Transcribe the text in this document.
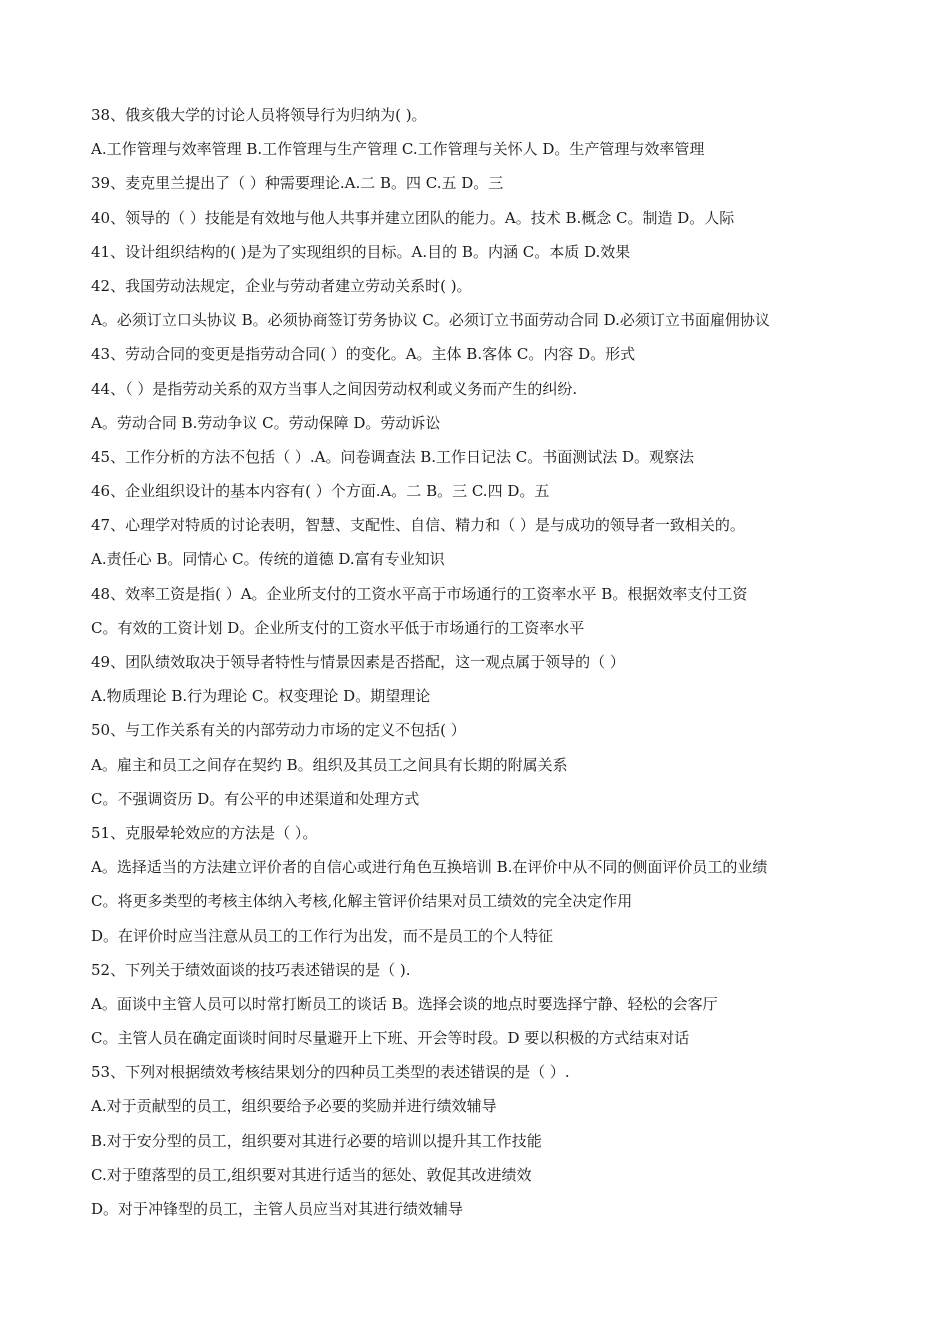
38、俄亥俄大学的讨论人员将领导行为归纳为( )。
A.工作管理与效率管理 B.工作管理与生产管理 C.工作管理与关怀人 D。生产管理与效率管理
39、麦克里兰提出了（ ）种需要理论.A.二 B。四 C.五 D。三
40、领导的（ ）技能是有效地与他人共事并建立团队的能力。A。技术 B.概念 C。制造 D。人际
41、设计组织结构的( )是为了实现组织的目标。A.目的 B。内涵 C。本质 D.效果
42、我国劳动法规定，企业与劳动者建立劳动关系时( )。
A。必须订立口头协议 B。必须协商签订劳务协议 C。必须订立书面劳动合同 D.必须订立书面雇佣协议
43、劳动合同的变更是指劳动合同( ）的变化。A。主体 B.客体 C。内容 D。形式
44、（ ）是指劳动关系的双方当事人之间因劳动权利或义务而产生的纠纷.
A。劳动合同 B.劳动争议 C。劳动保障 D。劳动诉讼
45、工作分析的方法不包括（ ）.A。问卷调查法 B.工作日记法 C。书面测试法 D。观察法
46、企业组织设计的基本内容有( ）个方面.A。二 B。三 C.四 D。五
47、心理学对特质的讨论表明，智慧、支配性、自信、精力和（ ）是与成功的领导者一致相关的。
A.责任心 B。同情心 C。传统的道德 D.富有专业知识
48、效率工资是指( ）A。企业所支付的工资水平高于市场通行的工资率水平 B。根据效率支付工资
C。有效的工资计划 D。企业所支付的工资水平低于市场通行的工资率水平
49、团队绩效取决于领导者特性与情景因素是否搭配，这一观点属于领导的（ ）
A.物质理论 B.行为理论 C。权变理论 D。期望理论
50、与工作关系有关的内部劳动力市场的定义不包括( ）
A。雇主和员工之间存在契约 B。组织及其员工之间具有长期的附属关系
C。不强调资历 D。有公平的申述渠道和处理方式
51、克服晕轮效应的方法是（ ）。
A。选择适当的方法建立评价者的自信心或进行角色互换培训 B.在评价中从不同的侧面评价员工的业绩
C。将更多类型的考核主体纳入考核,化解主管评价结果对员工绩效的完全决定作用
D。在评价时应当注意从员工的工作行为出发，而不是员工的个人特征
52、下列关于绩效面谈的技巧表述错误的是（ ).
A。面谈中主管人员可以时常打断员工的谈话 B。选择会谈的地点时要选择宁静、轻松的会客厅
C。主管人员在确定面谈时间时尽量避开上下班、开会等时段。D 要以积极的方式结束对话
53、下列对根据绩效考核结果划分的四种员工类型的表述错误的是（ ）.
A.对于贡献型的员工，组织要给予必要的奖励并进行绩效辅导
B.对于安分型的员工，组织要对其进行必要的培训以提升其工作技能
C.对于堕落型的员工,组织要对其进行适当的惩处、敦促其改进绩效
D。对于冲锋型的员工，主管人员应当对其进行绩效辅导
